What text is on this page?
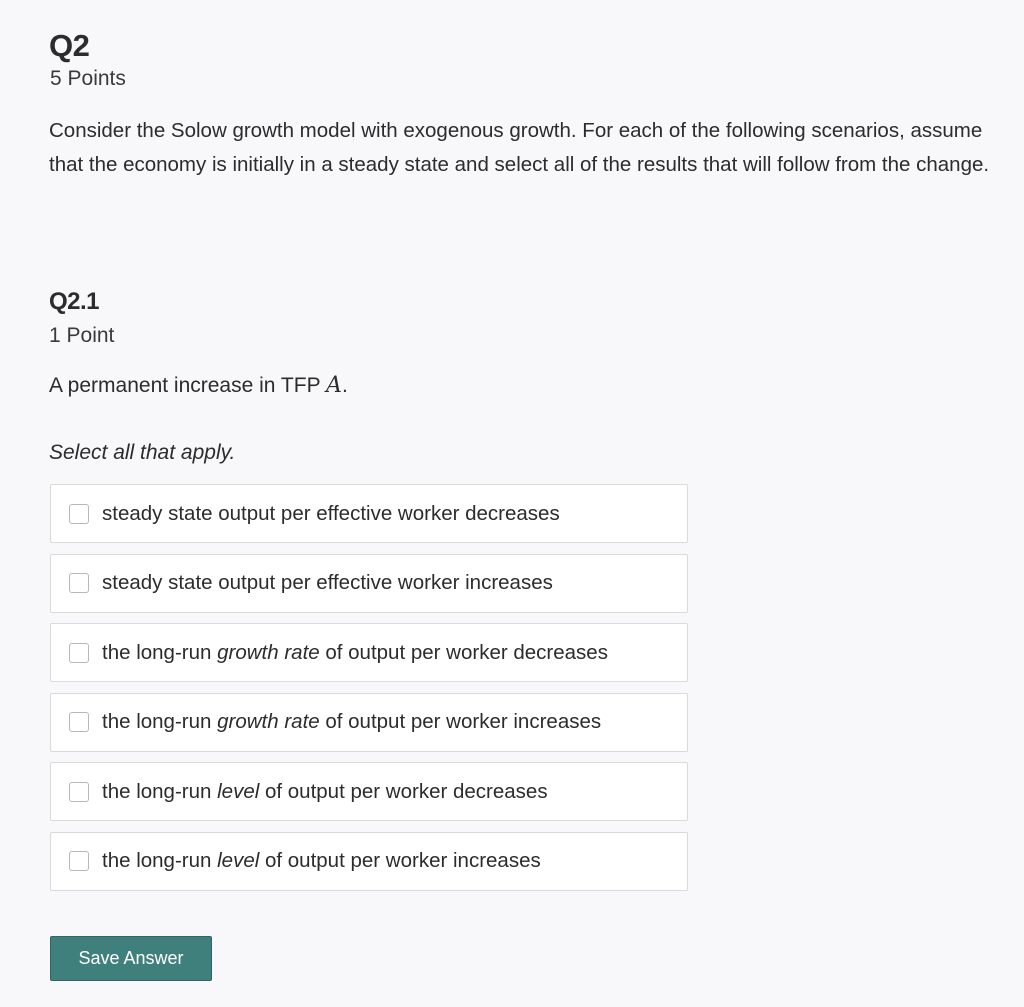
Q2
5 Points

Consider the Solow growth model with exogenous growth. For each of the following scenarios, assume that the economy is initially in a steady state and select all of the results that will follow from the change.

Q2.1
1 Point

A permanent increase in TFP A.

Select all that apply.

steady state output per effective worker decreases
steady state output per effective worker increases
the long-run growth rate of output per worker decreases
the long-run growth rate of output per worker increases
the long-run level of output per worker decreases
the long-run level of output per worker increases
Save Answer
